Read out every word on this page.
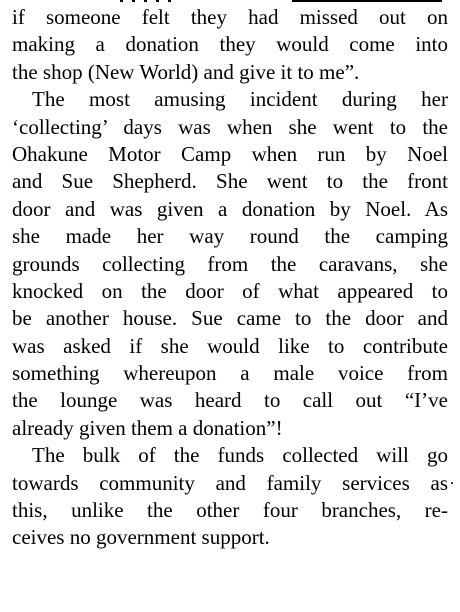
if someone felt they had missed out on
making a donation they would come into
the shop (New World) and give it to me”.
The most amusing incident during her
‘collecting’ days was when she went to the
Ohakune Motor Camp when run by Noel
and Sue Shepherd. She went to the front
door and was given a donation by Noel. As
she made her way round the camping
grounds collecting from the caravans, she
knocked on the door of what appeared to
be another house. Sue came to the door and
was asked if she would like to contribute
something whereupon a male voice from
the lounge was heard to call out “I’ve
already given them a donation”!
The bulk of the funds collected will go
towards community and family services as
this, unlike the other four branches, re-
ceives no government support.
